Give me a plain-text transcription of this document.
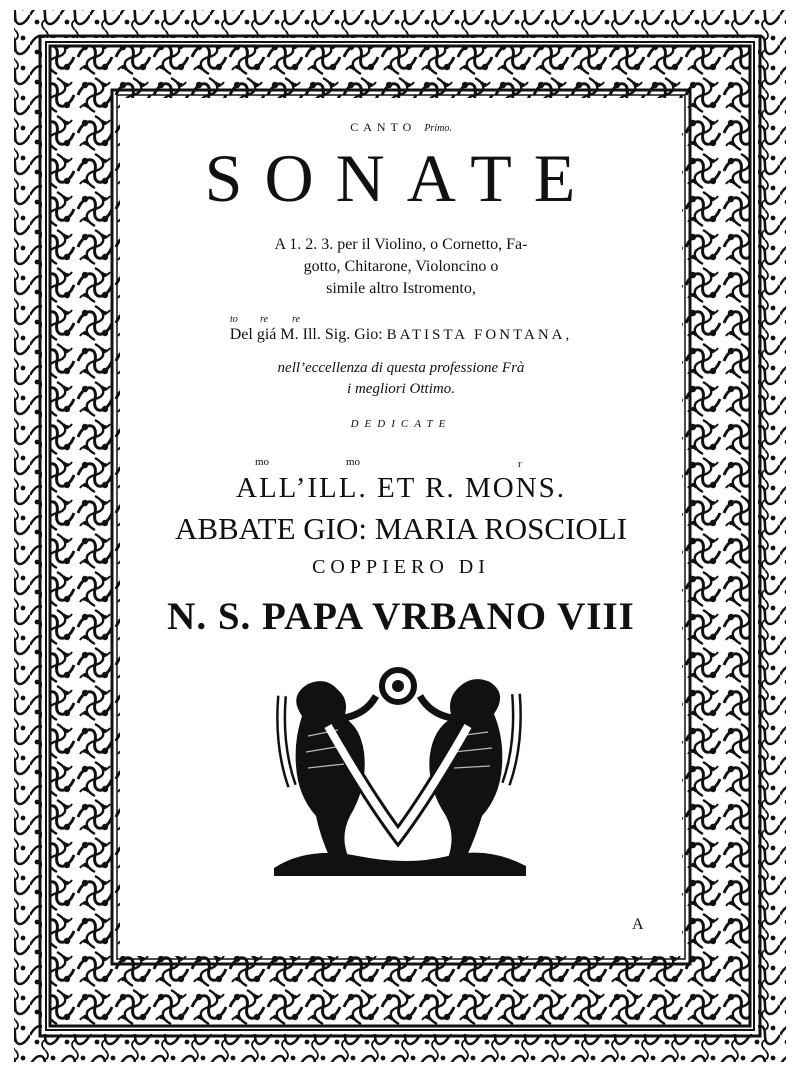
CANTO Primo.
SONATE
A 1. 2. 3. per il Violino, o Cornetto, Fa-
gotto, Chitarone, Violoncino o
simile altro Istromento,
to re re
Del giá M. Ill. Sig. Gio: BATISTA FONTANA,
nell’eccellenza di questa professione Frà
i megliori Ottimo.
DEDICATE
mo	mo	r
ALL’ILL. ET R. MONS.
ABBATE GIO: MARIA ROSCIOLI
COPPIERO DI
N. S. PAPA VRBANO VIII
A
